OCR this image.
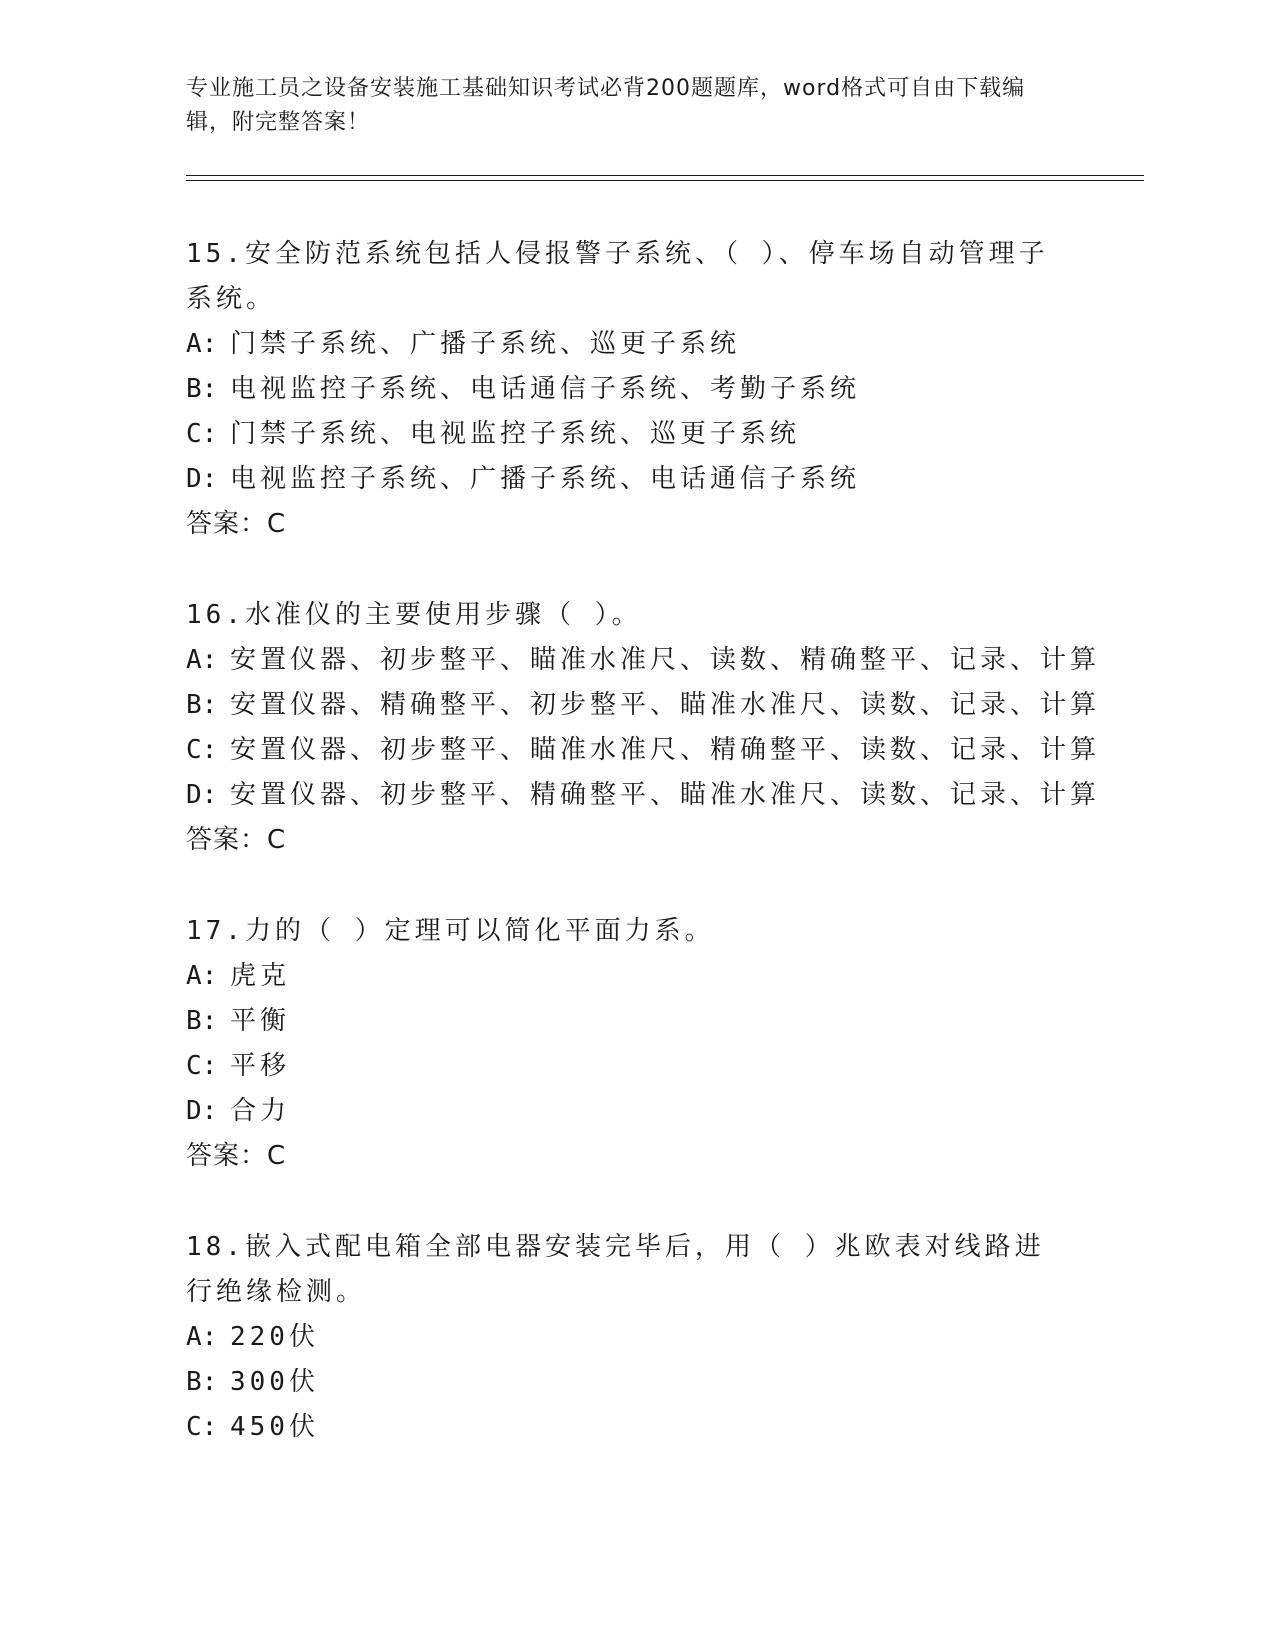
专业施工员之设备安装施工基础知识考试必背200题题库，word格式可自由下载编辑，附完整答案！

15.安全防范系统包括人侵报警子系统、（ ）、停车场自动管理子系统。

A: 门禁子系统、广播子系统、巡更子系统

B: 电视监控子系统、电话通信子系统、考勤子系统

C: 门禁子系统、电视监控子系统、巡更子系统

D: 电视监控子系统、广播子系统、电话通信子系统

答案：C

16.水准仪的主要使用步骤（ ）。

A: 安置仪器、初步整平、瞄准水准尺、读数、精确整平、记录、计算

B: 安置仪器、精确整平、初步整平、瞄准水准尺、读数、记录、计算

C: 安置仪器、初步整平、瞄准水准尺、精确整平、读数、记录、计算

D: 安置仪器、初步整平、精确整平、瞄准水准尺、读数、记录、计算

答案：C

17.力的（ ）定理可以简化平面力系。

A: 虎克

B: 平衡

C: 平移

D: 合力

答案：C

18.嵌入式配电箱全部电器安装完毕后，用（ ）兆欧表对线路进行绝缘检测。

A: 220伏

B: 300伏

C: 450伏
